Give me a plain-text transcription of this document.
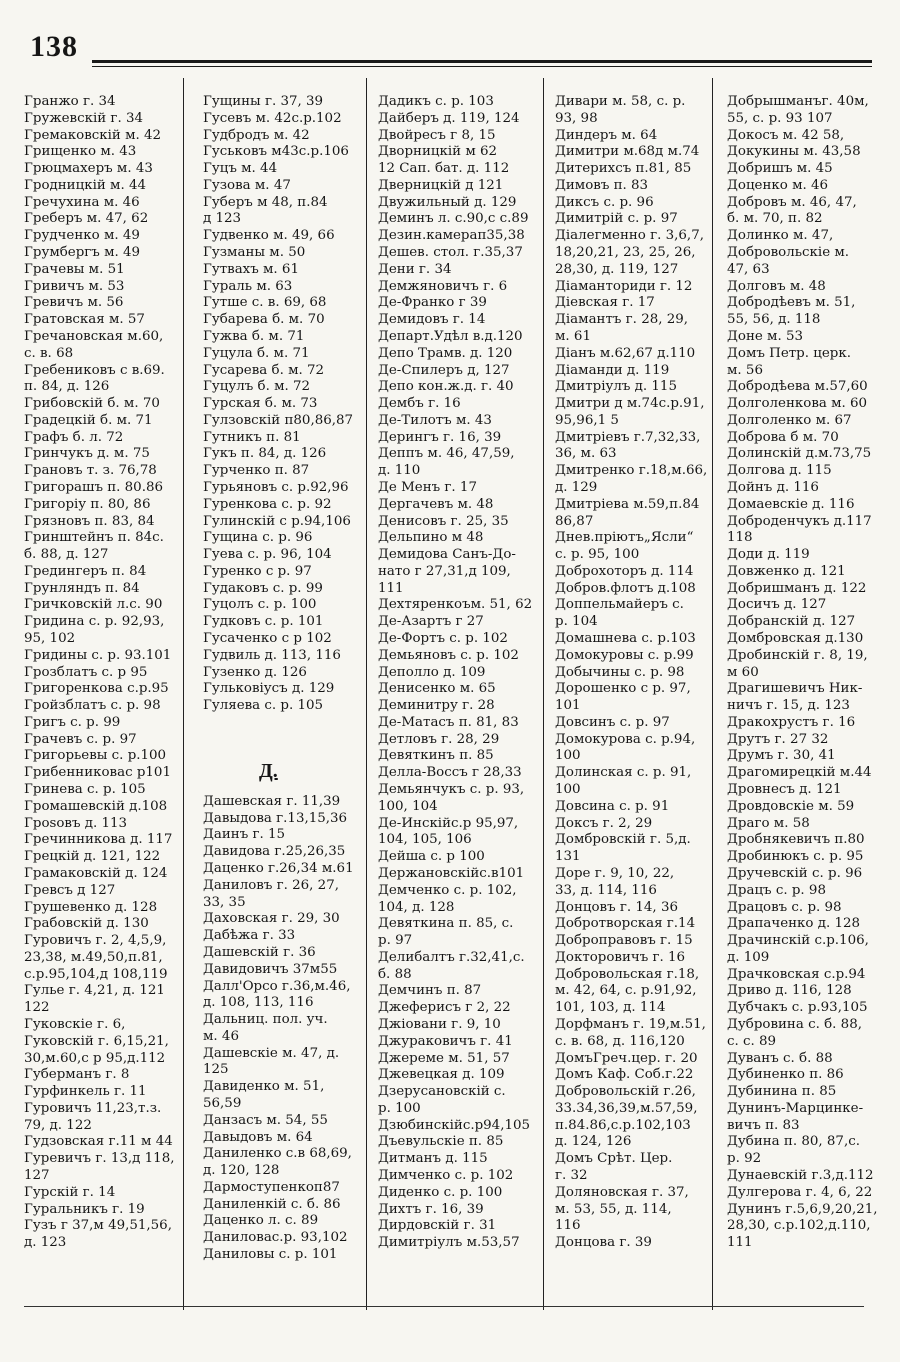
138
Гранжо г. 34
Гружевскій г. 34
Гремаковскій м. 42
Грищенко м. 43
Грюцмахеръ м. 43
Гродницкій м. 44
Гречухина м. 46
Греберъ м. 47, 62
Грудченко м. 49
Грумбергъ м. 49
Грачевы м. 51
Гривичъ м. 53
Гревичъ м. 56
Гратовская м. 57
Гречановская м.60,
с. в. 68
Гребениковъ с в.69.
п. 84, д. 126
Грибовскій б. м. 70
Градецкій б. м. 71
Графъ б. л. 72
Гринчукъ д. м. 75
Грановъ т. з. 76,78
Григорашъ п. 80.86
Григоріу п. 80, 86
Грязновъ п. 83, 84
Гринштейнъ п. 84с.
б. 88, д. 127
Гредингеръ п. 84
Грунляндъ п. 84
Гричковскій л.с. 90
Гридина с. р. 92,93,
95, 102
Гридины с. р. 93.101
Грозблатъ с. р 95
Григоренкова с.р.95
Гройзблатъ с. р. 98
Григъ с. р. 99
Грачевъ с. р. 97
Григорьевы с. р.100
Грибенниковас р101
Гринева с. р. 105
Громашевскій д.108
Грosовъ д. 113
Гречинникова д. 117
Грецкій д. 121, 122
Грамаковскій д. 124
Гревсъ д 127
Грушевенко д. 128
Грабовскій д. 130
Гуровичъ г. 2, 4,5,9,
23,38, м.49,50,п.81,
с.р.95,104,д 108,119
Гульe г. 4,21, д. 121
122
Гуковскіе г. 6,
Гуковскій г. 6,15,21,
30,м.60,с р 95,д.112
Губерманъ г. 8
Гурфинкель г. 11
Гуровичъ 11,23,т.з.
79, д. 122
Гудзовская г.11 м 44
Гуревичъ г. 13,д 118,
127
Гурскій г. 14
Гуральникъ г. 19
Гузъ г 37,м 49,51,56,
д. 123
Гущины г. 37, 39
Гусевъ м. 42с.р.102
Гудбродъ м. 42
Гуськовъ м43с.р.106
Гуцъ м. 44
Гузова м. 47
Губеръ м 48, п.84
д 123
Гудвенко м. 49, 66
Гузманы м. 50
Гутвахъ м. 61
Гураль м. 63
Гутше с. в. 69, 68
Губарева б. м. 70
Гужва б. м. 71
Гуцула б. м. 71
Гусарева б. м. 72
Гуцулъ б. м. 72
Гурская б. м. 73
Гулзовскій п80,86,87
Гутникъ п. 81
Гукъ п. 84, д. 126
Гурченко п. 87
Гурьяновъ с. р.92,96
Гуренкова с. р. 92
Гулинскій с р.94,106
Гущина с. р. 96
Гуева с. р. 96, 104
Гуренко с р. 97
Гудаковъ с. р. 99
Гуцолъ с. р. 100
Гудковъ с. р. 101
Гусаченко с р 102
Гудвиль д. 113, 116
Гузенко д. 126
Гульковіусъ д. 129
Гуляева с. р. 105
Д.
Дашевская г. 11,39
Давыдова г.13,15,36
Даинъ г. 15
Давидова г.25,26,35
Даценко г.26,34 м.61
Даниловъ г. 26, 27,
33, 35
Даховская г. 29, 30
Дабѣжа г. 33
Дашевскій г. 36
Давидовичъ 37м55
Далл'Орсо г.36,м.46,
д. 108, 113, 116
Дальниц. пол. уч.
м. 46
Дашевскіе м. 47, д.
125
Давиденко м. 51,
56,59
Данзасъ м. 54, 55
Давыдовъ м. 64
Даниленко с.в 68,69,
д. 120, 128
Дармоступенкоп87
Даниленкій с. б. 86
Даценко л. с. 89
Даниловас.р. 93,102
Даниловы с. р. 101
Дадикъ с. р. 103
Дайберъ д. 119, 124
Двойресъ г 8, 15
Дворницкій м 62
12 Сап. бат. д. 112
Дверницкій д 121
Двужильный д. 129
Деминъ л. с.90,с с.89
Дезин.камерап35,38
Дешев. стол. г.35,37
Дени г. 34
Демжяновичъ г. 6
Де-Франко г 39
Демидовъ г. 14
Департ.Удѣл в.д.120
Депо Трамв. д. 120
Де-Спилеръ д, 127
Депо кон.ж.д. г. 40
Дембъ г. 16
Де-Тилотъ м. 43
Дерингъ г. 16, 39
Деппъ м. 46, 47,59,
д. 110
Де Менъ г. 17
Дергачевъ м. 48
Денисовъ г. 25, 35
Дельпино м 48
Демидова Санъ-До-
нато г 27,31,д 109,
111
Дехтяренкоъм. 51, 62
Де-Азартъ г 27
Де-Фортъ с. р. 102
Демьяновъ с. р. 102
Деполло д. 109
Денисенко м. 65
Деминитру г. 28
Де-Матасъ п. 81, 83
Детловъ г. 28, 29
Девяткинъ п. 85
Делла-Воссъ г 28,33
Демьянчукъ с. р. 93,
100, 104
Де-Инскійс.р 95,97,
104, 105, 106
Дейша с. р 100
Держановскійс.в101
Демченко с. р. 102,
104, д. 128
Девяткина п. 85, с.
р. 97
Делибалтъ г.32,41,с.
б. 88
Демчинъ п. 87
Джеферисъ г 2, 22
Джiовани г. 9, 10
Джураковичъ г. 41
Джереме м. 51, 57
Джевецкая д. 109
Дзерусановскій с.
р. 100
Дзюбинскійс.р94,105
Дъевульскіе п. 85
Дитманъ д. 115
Димченко с. р. 102
Диденко с. р. 100
Дихтъ г. 16, 39
Дирдовскій г. 31
Димитріулъ м.53,57
Дивари м. 58, с. р.
93, 98
Диндеръ м. 64
Димитри м.68д м.74
Дитерихсъ п.81, 85
Димовъ п. 83
Диксъ с. р. 96
Димитрій с. р. 97
Діалегменно г. 3,6,7,
18,20,21, 23, 25, 26,
28,30, д. 119, 127
Діаманториди г. 12
Діевская г. 17
Діамантъ г. 28, 29,
м. 61
Діанъ м.62,67 д.110
Діаманди д. 119
Дмитріулъ д. 115
Дмитри д м.74с.р.91,
95,96,1 5
Дмитріевъ г.7,32,33,
36, м. 63
Дмитренко г.18,м.66,
д. 129
Дмитріева м.59,п.84
86,87
Днев.пріютъ„Ясли“
с. р. 95, 100
Доброхоторъ д. 114
Добров.флотъ д.108
Доппельмайеръ с.
р. 104
Домашнева с. р.103
Домокуровы с. р.99
Добычины с. р. 98
Дорошенко с р. 97,
101
Довсинъ с. р. 97
Домокурова с. р.94,
100
Долинская с. р. 91,
100
Довсина с. р. 91
Доксъ г. 2, 29
Домбровскій г. 5,д.
131
Доре г. 9, 10, 22,
33, д. 114, 116
Донцовъ г. 14, 36
Добротворская г.14
Доброправовъ г. 15
Докторовичъ г. 16
Добровольская г.18,
м. 42, 64, с. р.91,92,
101, 103, д. 114
Дорфманъ г. 19,м.51,
с. в. 68, д. 116,120
ДомъГреч.цер. г. 20
Домъ Каф. Соб.г.22
Добровольскій г.26,
33.34,36,39,м.57,59,
п.84.86,с.р.102,103
д. 124, 126
Домъ Срѣт. Цер.
г. 32
Доляновская г. 37,
м. 53, 55, д. 114,
116
Донцова г. 39
Добрышманъг. 40м,
55, с. р. 93 107
Докосъ м. 42 58,
Докукины м. 43,58
Добришъ м. 45
Доценко м. 46
Добровъ м. 46, 47,
б. м. 70, п. 82
Долинко м. 47,
Добровольскіе м.
47, 63
Долговъ м. 48
Добродѣевъ м. 51,
55, 56, д. 118
Доне м. 53
Домъ Петр. церк.
м. 56
Добродѣева м.57,60
Долголенкова м. 60
Долголенко м. 67
Доброва б м. 70
Долинскій д.м.73,75
Долгова д. 115
Дойнъ д. 116
Домаевскіе д. 116
Доброденчукъ д.117
118
Доди д. 119
Довженко д. 121
Добришманъ д. 122
Досичъ д. 127
Добранскій д. 127
Домбровская д.130
Дробинскій г. 8, 19,
м 60
Драгишевичъ Ник-
ничъ г. 15, д. 123
Дракохрустъ г. 16
Друтъ г. 27 32
Друмъ г. 30, 41
Драгомирецкій м.44
Дровнесъ д. 121
Дровдовскіе м. 59
Драго м. 58
Дробнякевичъ п.80
Дробинюкъ с. р. 95
Дручевскій с. р. 96
Драцъ с. р. 98
Драцовъ с. р. 98
Драпаченко д. 128
Драчинскій с.р.106,
д. 109
Драчковская с.р.94
Дриво д. 116, 128
Дубчакъ с. р.93,105
Дубровина с. б. 88,
с. с. 89
Дуванъ с. б. 88
Дубиненко п. 86
Дубинина п. 85
Дунинъ-Марцинке-
вичъ п. 83
Дубина п. 80, 87,с.
р. 92
Дунаевскій г.3,д.112
Дулгерова г. 4, 6, 22
Дунинъ г.5,6,9,20,21,
28,30, с.р.102,д.110,
111
